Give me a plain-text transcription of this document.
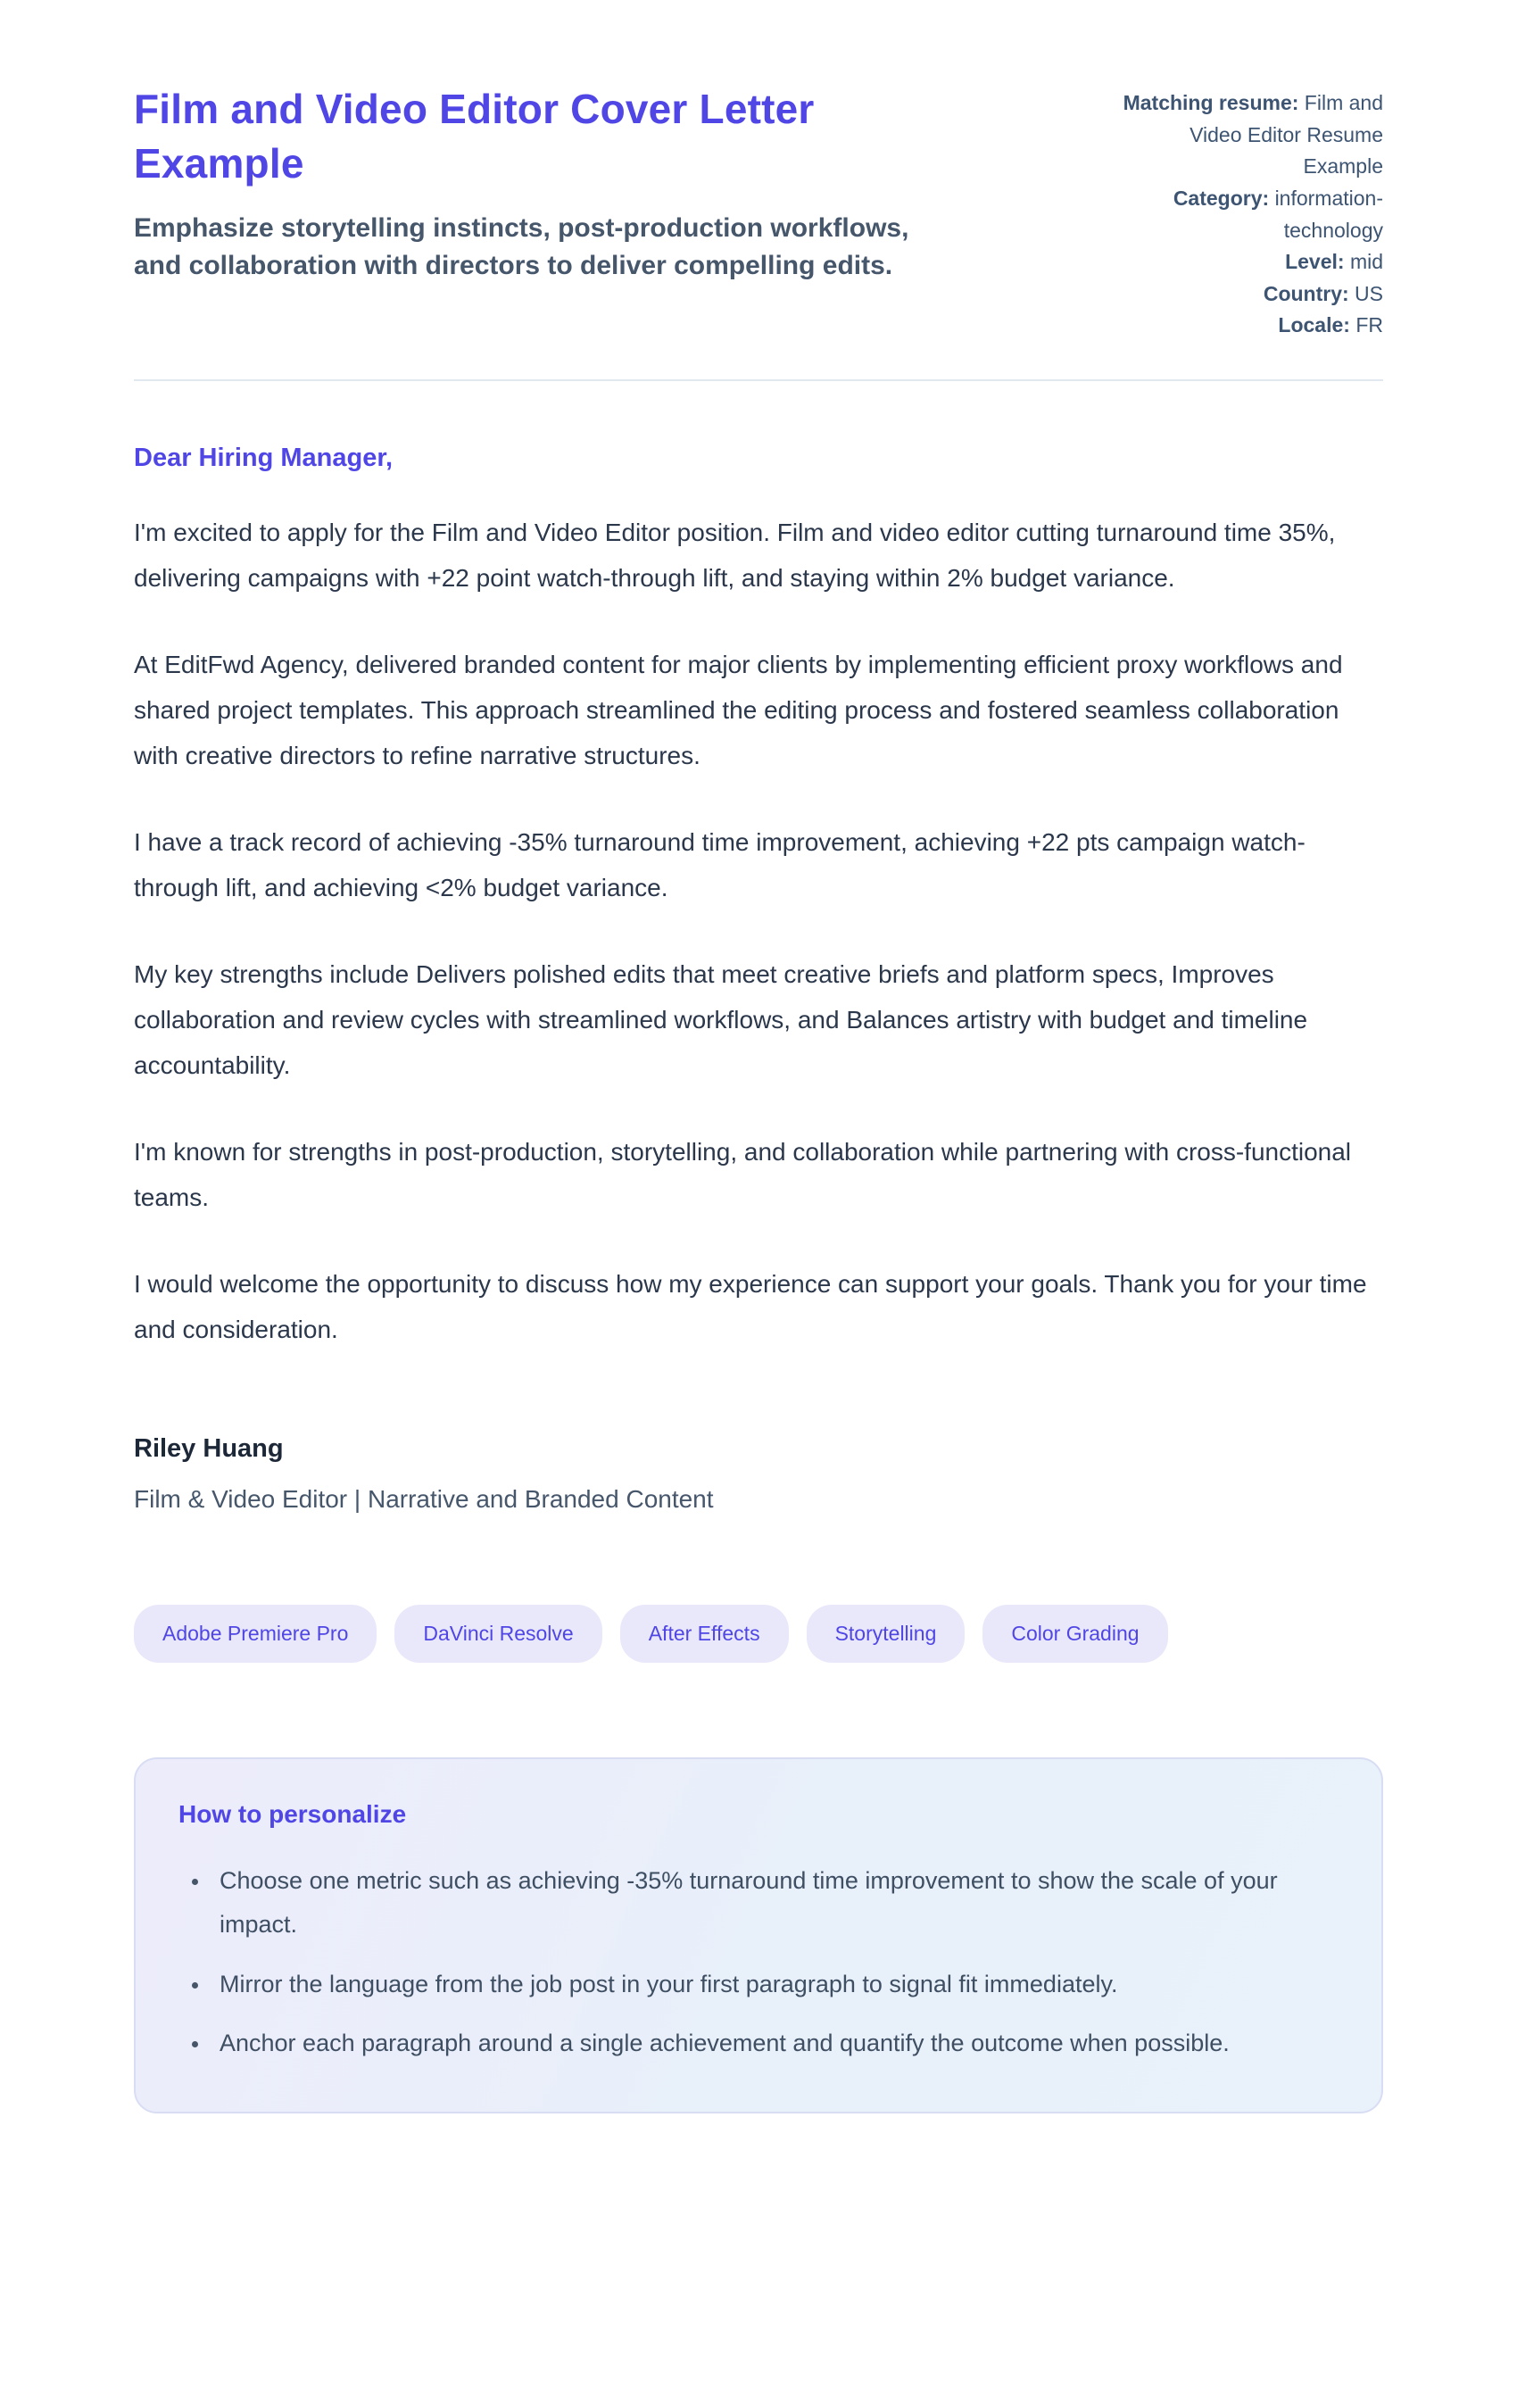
Film and Video Editor Cover Letter Example

Emphasize storytelling instincts, post-production workflows, and collaboration with directors to deliver compelling edits.

Matching resume: Film and Video Editor Resume Example
Category: information-technology
Level: mid
Country: US
Locale: FR
Dear Hiring Manager,

I'm excited to apply for the Film and Video Editor position. Film and video editor cutting turnaround time 35%, delivering campaigns with +22 point watch-through lift, and staying within 2% budget variance.

At EditFwd Agency, delivered branded content for major clients by implementing efficient proxy workflows and shared project templates. This approach streamlined the editing process and fostered seamless collaboration with creative directors to refine narrative structures.

I have a track record of achieving -35% turnaround time improvement, achieving +22 pts campaign watch-through lift, and achieving <2% budget variance.

My key strengths include Delivers polished edits that meet creative briefs and platform specs, Improves collaboration and review cycles with streamlined workflows, and Balances artistry with budget and timeline accountability.

I'm known for strengths in post-production, storytelling, and collaboration while partnering with cross-functional teams.

I would welcome the opportunity to discuss how my experience can support your goals. Thank you for your time and consideration.

Riley Huang

Film & Video Editor | Narrative and Branded Content

Adobe Premiere Pro	DaVinci Resolve	After Effects	Storytelling	Color Grading
How to personalize
• Choose one metric such as achieving -35% turnaround time improvement to show the scale of your impact.
• Mirror the language from the job post in your first paragraph to signal fit immediately.
• Anchor each paragraph around a single achievement and quantify the outcome when possible.
